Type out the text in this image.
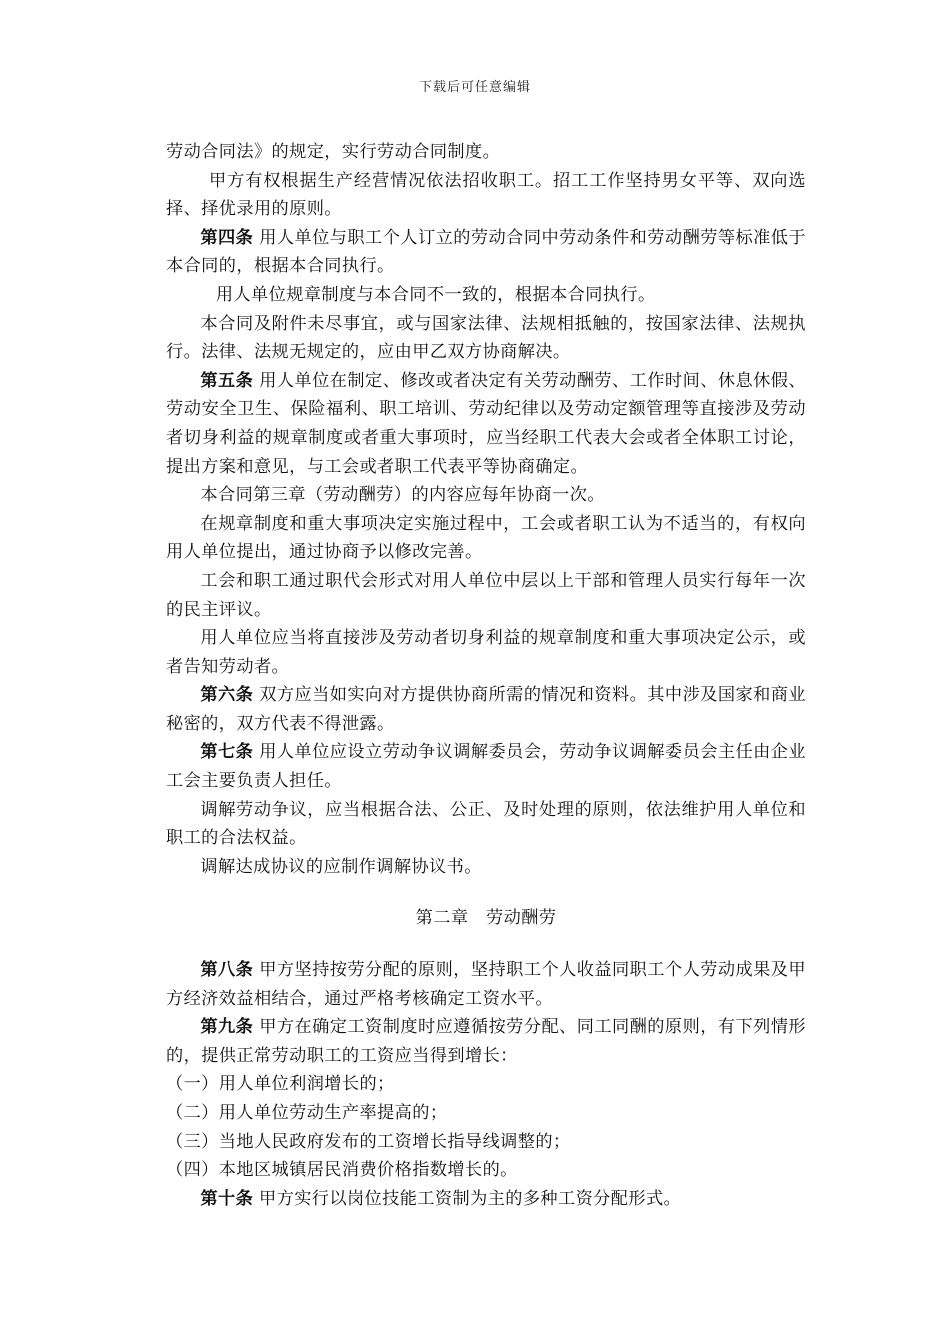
下载后可任意编辑

劳动合同法》的规定，实行劳动合同制度。

甲方有权根据生产经营情况依法招收职工。招工工作坚持男女平等、双向选择、择优录用的原则。

第四条 用人单位与职工个人订立的劳动合同中劳动条件和劳动酬劳等标准低于本合同的，根据本合同执行。

用人单位规章制度与本合同不一致的，根据本合同执行。

本合同及附件未尽事宜，或与国家法律、法规相抵触的，按国家法律、法规执行。法律、法规无规定的，应由甲乙双方协商解决。

第五条 用人单位在制定、修改或者决定有关劳动酬劳、工作时间、休息休假、劳动安全卫生、保险福利、职工培训、劳动纪律以及劳动定额管理等直接涉及劳动者切身利益的规章制度或者重大事项时，应当经职工代表大会或者全体职工讨论，提出方案和意见，与工会或者职工代表平等协商确定。

本合同第三章（劳动酬劳）的内容应每年协商一次。

在规章制度和重大事项决定实施过程中，工会或者职工认为不适当的，有权向用人单位提出，通过协商予以修改完善。

工会和职工通过职代会形式对用人单位中层以上干部和管理人员实行每年一次的民主评议。

用人单位应当将直接涉及劳动者切身利益的规章制度和重大事项决定公示，或者告知劳动者。

第六条 双方应当如实向对方提供协商所需的情况和资料。其中涉及国家和商业秘密的，双方代表不得泄露。

第七条 用人单位应设立劳动争议调解委员会，劳动争议调解委员会主任由企业工会主要负责人担任。

调解劳动争议，应当根据合法、公正、及时处理的原则，依法维护用人单位和职工的合法权益。

调解达成协议的应制作调解协议书。

第二章　劳动酬劳

第八条 甲方坚持按劳分配的原则，坚持职工个人收益同职工个人劳动成果及甲方经济效益相结合，通过严格考核确定工资水平。

第九条 甲方在确定工资制度时应遵循按劳分配、同工同酬的原则，有下列情形的，提供正常劳动职工的工资应当得到增长：

（一）用人单位利润增长的；

（二）用人单位劳动生产率提高的；

（三）当地人民政府发布的工资增长指导线调整的；

（四）本地区城镇居民消费价格指数增长的。

第十条 甲方实行以岗位技能工资制为主的多种工资分配形式。
